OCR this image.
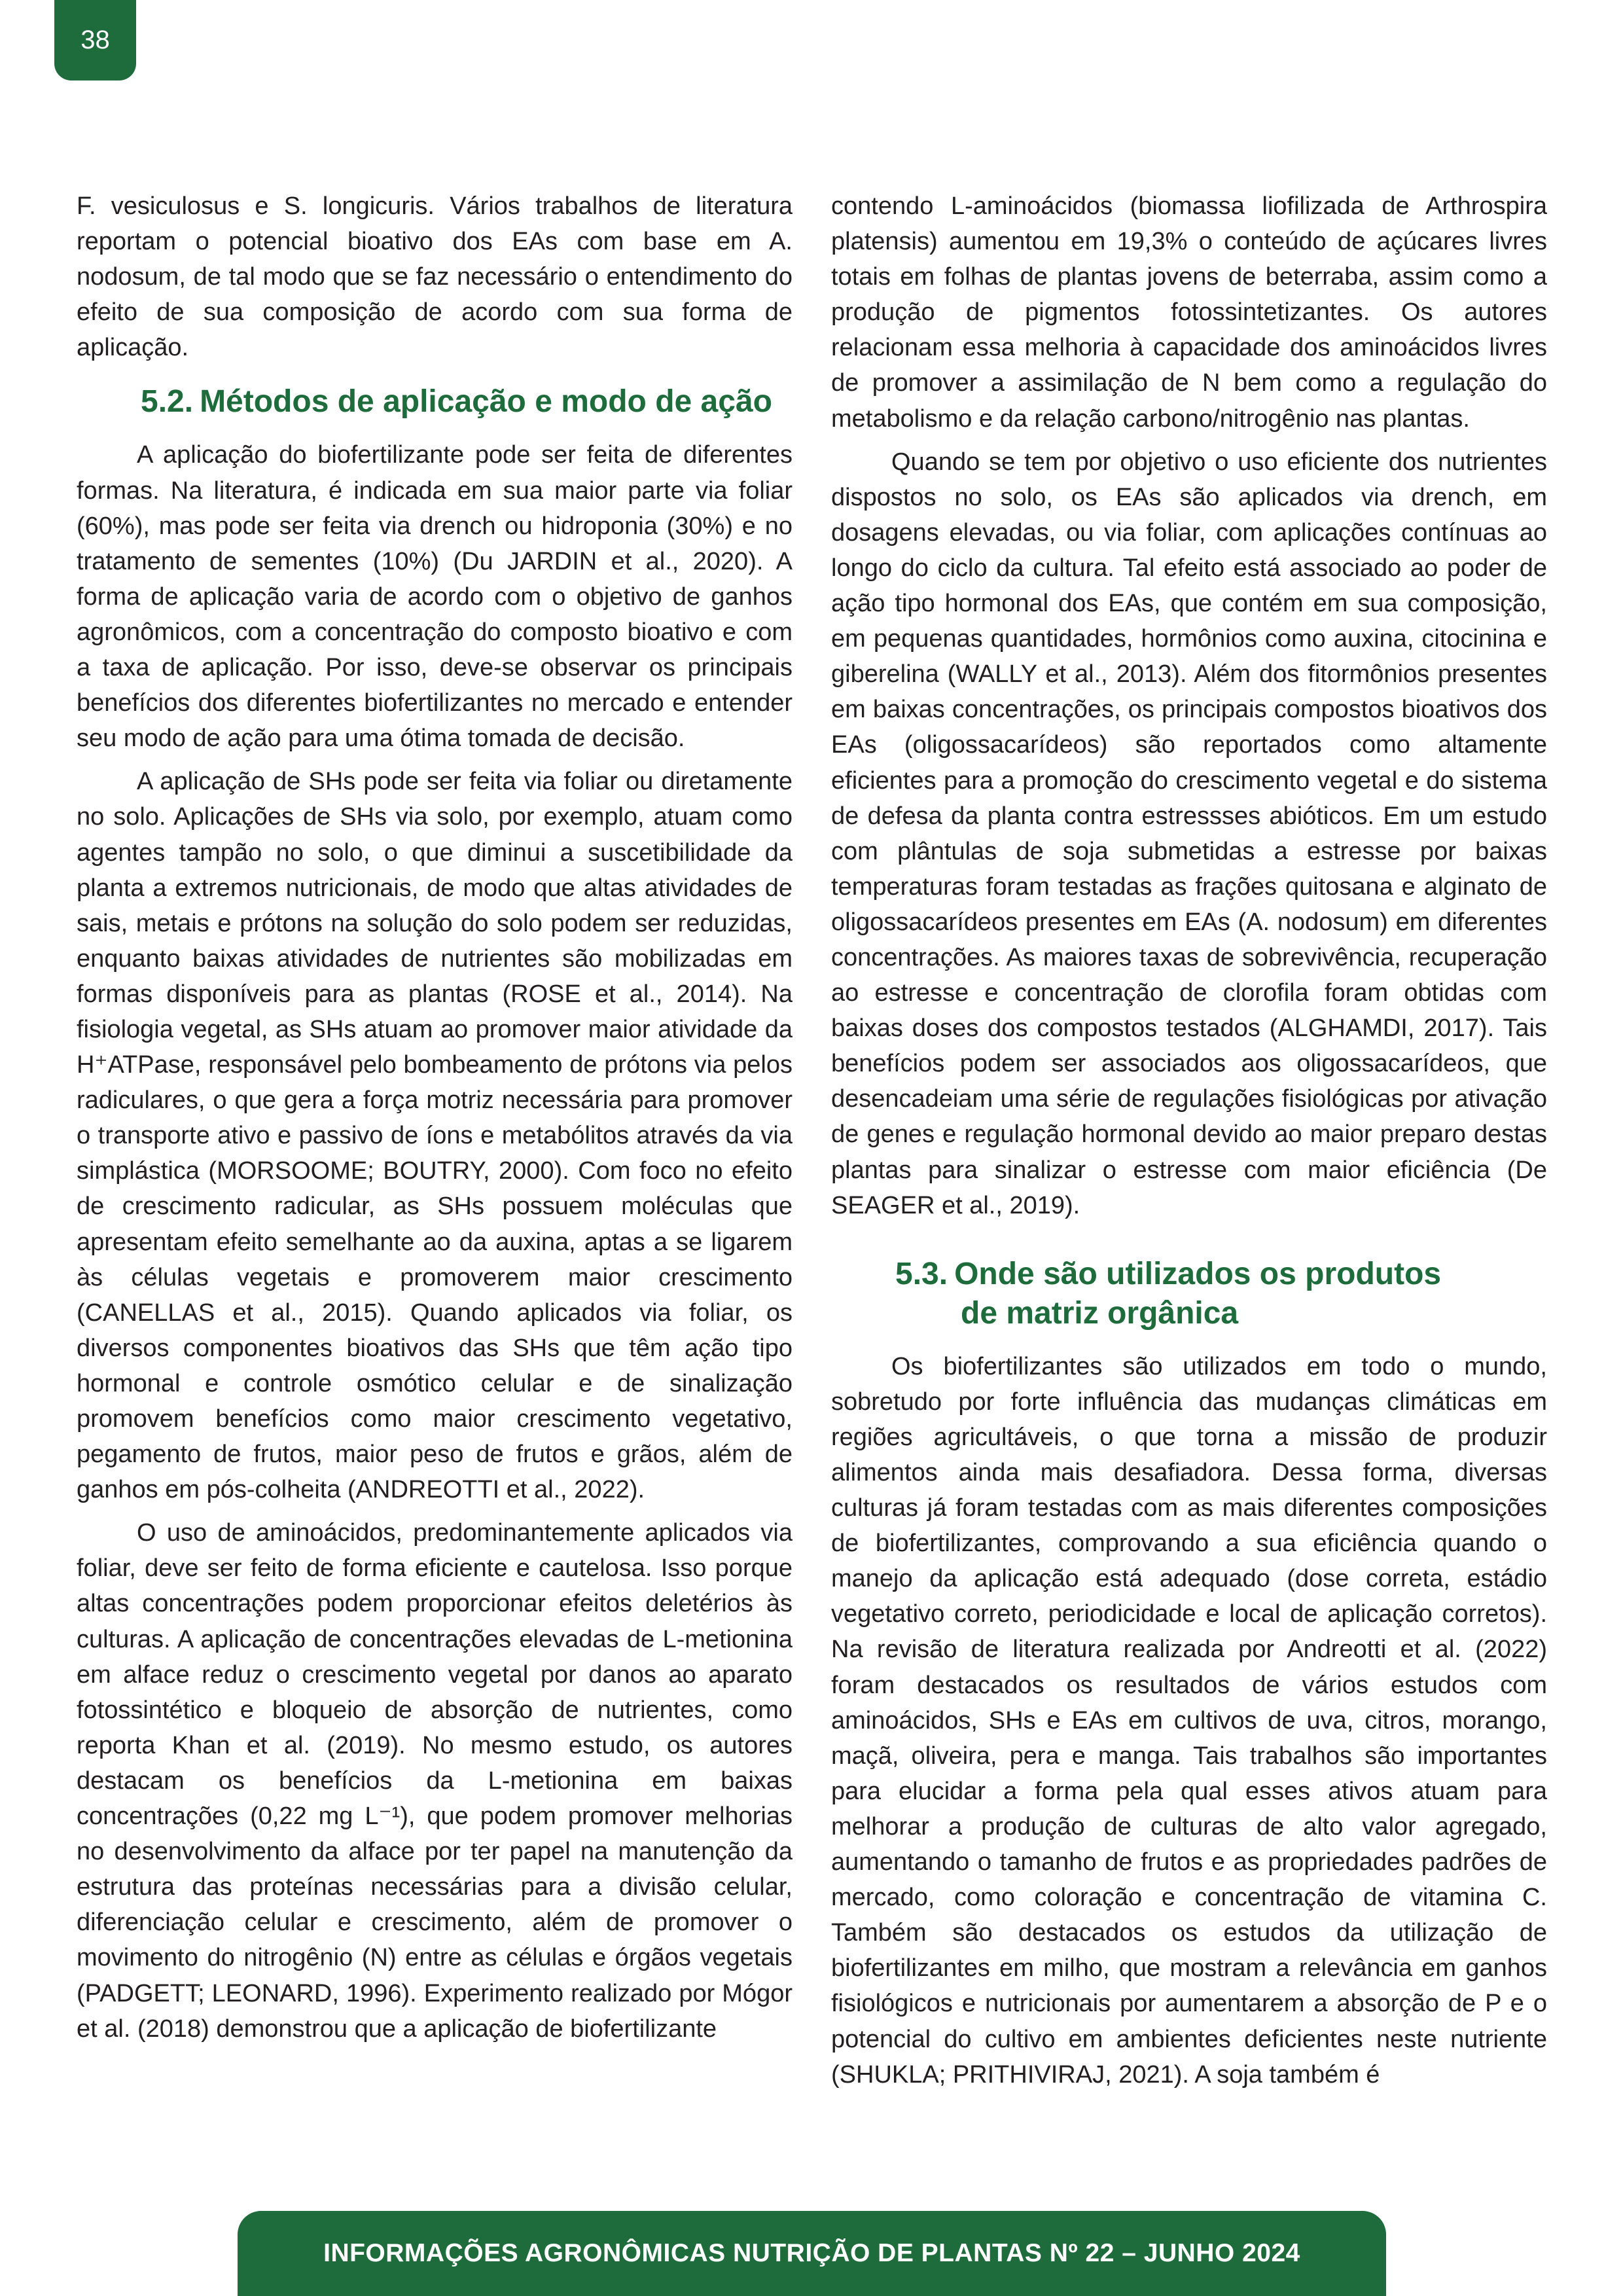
38

F. vesiculosus e S. longicuris. Vários trabalhos de literatura reportam o potencial bioativo dos EAs com base em A. nodosum, de tal modo que se faz necessário o entendimento do efeito de sua composição de acordo com sua forma de aplicação.

5.2. Métodos de aplicação e modo de ação

A aplicação do biofertilizante pode ser feita de diferentes formas. Na literatura, é indicada em sua maior parte via foliar (60%), mas pode ser feita via drench ou hidroponia (30%) e no tratamento de sementes (10%) (Du JARDIN et al., 2020). A forma de aplicação varia de acordo com o objetivo de ganhos agronômicos, com a concentração do composto bioativo e com a taxa de aplicação. Por isso, deve-se observar os principais benefícios dos diferentes biofertilizantes no mercado e entender seu modo de ação para uma ótima tomada de decisão.

A aplicação de SHs pode ser feita via foliar ou diretamente no solo. Aplicações de SHs via solo, por exemplo, atuam como agentes tampão no solo, o que diminui a suscetibilidade da planta a extremos nutricionais, de modo que altas atividades de sais, metais e prótons na solução do solo podem ser reduzidas, enquanto baixas atividades de nutrientes são mobilizadas em formas disponíveis para as plantas (ROSE et al., 2014). Na fisiologia vegetal, as SHs atuam ao promover maior atividade da H⁺ATPase, responsável pelo bombeamento de prótons via pelos radiculares, o que gera a força motriz necessária para promover o transporte ativo e passivo de íons e metabólitos através da via simplástica (MORSOOME; BOUTRY, 2000). Com foco no efeito de crescimento radicular, as SHs possuem moléculas que apresentam efeito semelhante ao da auxina, aptas a se ligarem às células vegetais e promoverem maior crescimento (CANELLAS et al., 2015). Quando aplicados via foliar, os diversos componentes bioativos das SHs que têm ação tipo hormonal e controle osmótico celular e de sinalização promovem benefícios como maior crescimento vegetativo, pegamento de frutos, maior peso de frutos e grãos, além de ganhos em pós-colheita (ANDREOTTI et al., 2022).

O uso de aminoácidos, predominantemente aplicados via foliar, deve ser feito de forma eficiente e cautelosa. Isso porque altas concentrações podem proporcionar efeitos deletérios às culturas. A aplicação de concentrações elevadas de L-metionina em alface reduz o crescimento vegetal por danos ao aparato fotossintético e bloqueio de absorção de nutrientes, como reporta Khan et al. (2019). No mesmo estudo, os autores destacam os benefícios da L-metionina em baixas concentrações (0,22 mg L⁻¹), que podem promover melhorias no desenvolvimento da alface por ter papel na manutenção da estrutura das proteínas necessárias para a divisão celular, diferenciação celular e crescimento, além de promover o movimento do nitrogênio (N) entre as células e órgãos vegetais (PADGETT; LEONARD, 1996). Experimento realizado por Mógor et al. (2018) demonstrou que a aplicação de biofertilizante

contendo L-aminoácidos (biomassa liofilizada de Arthrospira platensis) aumentou em 19,3% o conteúdo de açúcares livres totais em folhas de plantas jovens de beterraba, assim como a produção de pigmentos fotossintetizantes. Os autores relacionam essa melhoria à capacidade dos aminoácidos livres de promover a assimilação de N bem como a regulação do metabolismo e da relação carbono/nitrogênio nas plantas.

Quando se tem por objetivo o uso eficiente dos nutrientes dispostos no solo, os EAs são aplicados via drench, em dosagens elevadas, ou via foliar, com aplicações contínuas ao longo do ciclo da cultura. Tal efeito está associado ao poder de ação tipo hormonal dos EAs, que contém em sua composição, em pequenas quantidades, hormônios como auxina, citocinina e giberelina (WALLY et al., 2013). Além dos fitormônios presentes em baixas concentrações, os principais compostos bioativos dos EAs (oligossacarídeos) são reportados como altamente eficientes para a promoção do crescimento vegetal e do sistema de defesa da planta contra estressses abióticos. Em um estudo com plântulas de soja submetidas a estresse por baixas temperaturas foram testadas as frações quitosana e alginato de oligossacarídeos presentes em EAs (A. nodosum) em diferentes concentrações. As maiores taxas de sobrevivência, recuperação ao estresse e concentração de clorofila foram obtidas com baixas doses dos compostos testados (ALGHAMDI, 2017). Tais benefícios podem ser associados aos oligossacarídeos, que desencadeiam uma série de regulações fisiológicas por ativação de genes e regulação hormonal devido ao maior preparo destas plantas para sinalizar o estresse com maior eficiência (De SEAGER et al., 2019).

5.3. Onde são utilizados os produtos
de matriz orgânica

Os biofertilizantes são utilizados em todo o mundo, sobretudo por forte influência das mudanças climáticas em regiões agricultáveis, o que torna a missão de produzir alimentos ainda mais desafiadora. Dessa forma, diversas culturas já foram testadas com as mais diferentes composições de biofertilizantes, comprovando a sua eficiência quando o manejo da aplicação está adequado (dose correta, estádio vegetativo correto, periodicidade e local de aplicação corretos). Na revisão de literatura realizada por Andreotti et al. (2022) foram destacados os resultados de vários estudos com aminoácidos, SHs e EAs em cultivos de uva, citros, morango, maçã, oliveira, pera e manga. Tais trabalhos são importantes para elucidar a forma pela qual esses ativos atuam para melhorar a produção de culturas de alto valor agregado, aumentando o tamanho de frutos e as propriedades padrões de mercado, como coloração e concentração de vitamina C. Também são destacados os estudos da utilização de biofertilizantes em milho, que mostram a relevância em ganhos fisiológicos e nutricionais por aumentarem a absorção de P e o potencial do cultivo em ambientes deficientes neste nutriente (SHUKLA; PRITHIVIRAJ, 2021). A soja também é

INFORMAÇÕES AGRONÔMICAS NUTRIÇÃO DE PLANTAS Nº 22 – JUNHO 2024
